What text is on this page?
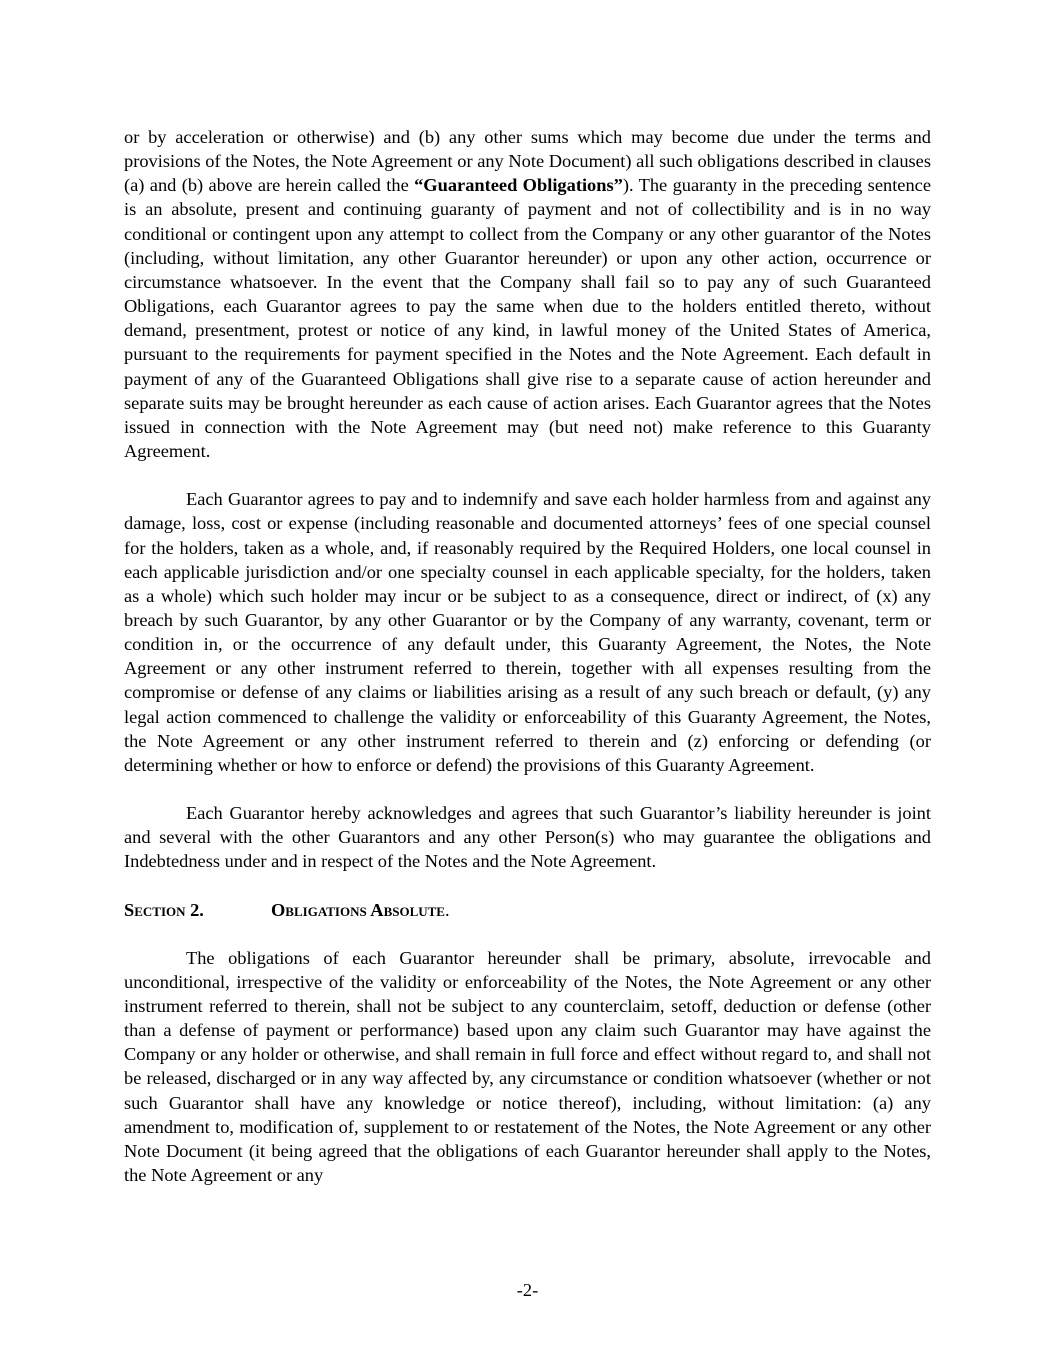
or by acceleration or otherwise) and (b) any other sums which may become due under the terms and provisions of the Notes, the Note Agreement or any Note Document) all such obligations described in clauses (a) and (b) above are herein called the “Guaranteed Obligations”). The guaranty in the preceding sentence is an absolute, present and continuing guaranty of payment and not of collectibility and is in no way conditional or contingent upon any attempt to collect from the Company or any other guarantor of the Notes (including, without limitation, any other Guarantor hereunder) or upon any other action, occurrence or circumstance whatsoever. In the event that the Company shall fail so to pay any of such Guaranteed Obligations, each Guarantor agrees to pay the same when due to the holders entitled thereto, without demand, presentment, protest or notice of any kind, in lawful money of the United States of America, pursuant to the requirements for payment specified in the Notes and the Note Agreement. Each default in payment of any of the Guaranteed Obligations shall give rise to a separate cause of action hereunder and separate suits may be brought hereunder as each cause of action arises. Each Guarantor agrees that the Notes issued in connection with the Note Agreement may (but need not) make reference to this Guaranty Agreement.

Each Guarantor agrees to pay and to indemnify and save each holder harmless from and against any damage, loss, cost or expense (including reasonable and documented attorneys’ fees of one special counsel for the holders, taken as a whole, and, if reasonably required by the Required Holders, one local counsel in each applicable jurisdiction and/or one specialty counsel in each applicable specialty, for the holders, taken as a whole) which such holder may incur or be subject to as a consequence, direct or indirect, of (x) any breach by such Guarantor, by any other Guarantor or by the Company of any warranty, covenant, term or condition in, or the occurrence of any default under, this Guaranty Agreement, the Notes, the Note Agreement or any other instrument referred to therein, together with all expenses resulting from the compromise or defense of any claims or liabilities arising as a result of any such breach or default, (y) any legal action commenced to challenge the validity or enforceability of this Guaranty Agreement, the Notes, the Note Agreement or any other instrument referred to therein and (z) enforcing or defending (or determining whether or how to enforce or defend) the provisions of this Guaranty Agreement.

Each Guarantor hereby acknowledges and agrees that such Guarantor’s liability hereunder is joint and several with the other Guarantors and any other Person(s) who may guarantee the obligations and Indebtedness under and in respect of the Notes and the Note Agreement.

Section 2.	Obligations Absolute.

The obligations of each Guarantor hereunder shall be primary, absolute, irrevocable and unconditional, irrespective of the validity or enforceability of the Notes, the Note Agreement or any other instrument referred to therein, shall not be subject to any counterclaim, setoff, deduction or defense (other than a defense of payment or performance) based upon any claim such Guarantor may have against the Company or any holder or otherwise, and shall remain in full force and effect without regard to, and shall not be released, discharged or in any way affected by, any circumstance or condition whatsoever (whether or not such Guarantor shall have any knowledge or notice thereof), including, without limitation: (a) any amendment to, modification of, supplement to or restatement of the Notes, the Note Agreement or any other Note Document (it being agreed that the obligations of each Guarantor hereunder shall apply to the Notes, the Note Agreement or any

-2-
